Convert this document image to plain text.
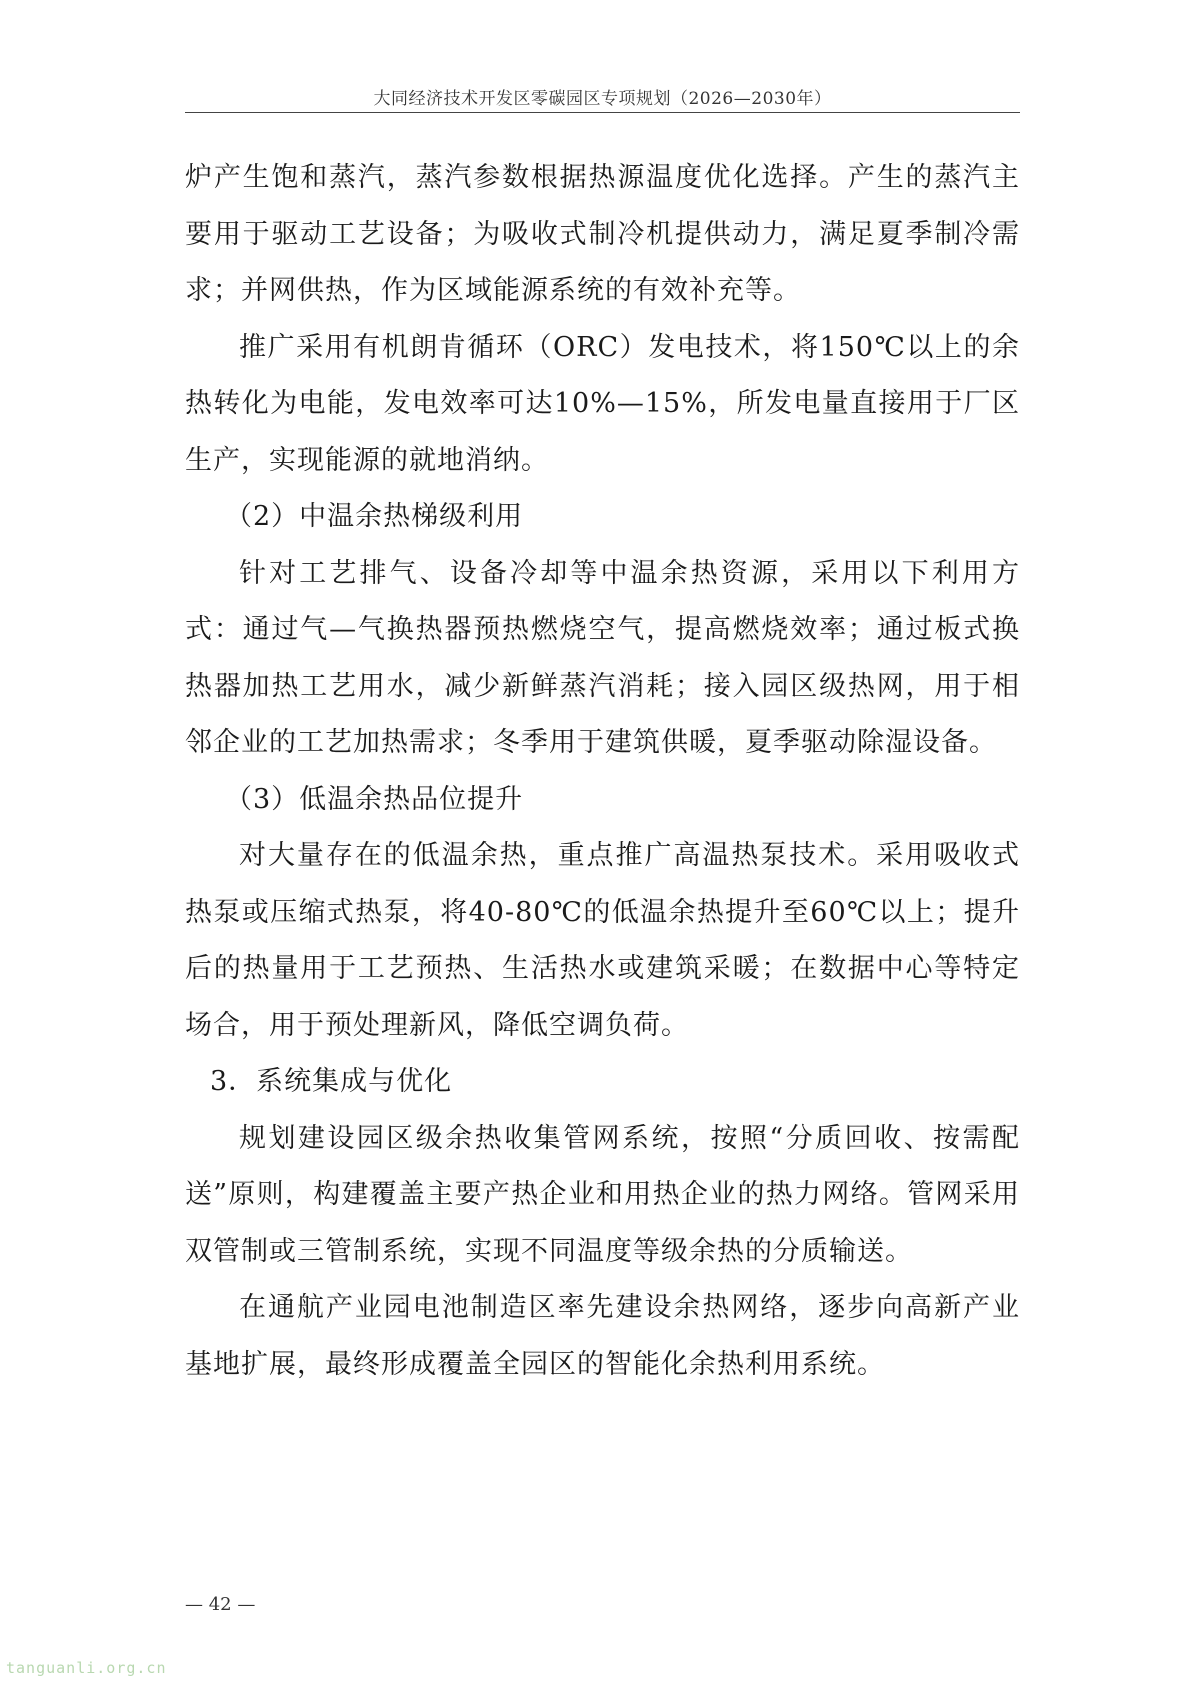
大同经济技术开发区零碳园区专项规划（2026—2030年）

炉产生饱和蒸汽，蒸汽参数根据热源温度优化选择。产生的蒸汽主要用于驱动工艺设备；为吸收式制冷机提供动力，满足夏季制冷需求；并网供热，作为区域能源系统的有效补充等。

推广采用有机朗肯循环（ORC）发电技术，将150℃以上的余热转化为电能，发电效率可达10%—15%，所发电量直接用于厂区生产，实现能源的就地消纳。

（2）中温余热梯级利用

针对工艺排气、设备冷却等中温余热资源，采用以下利用方式：通过气—气换热器预热燃烧空气，提高燃烧效率；通过板式换热器加热工艺用水，减少新鲜蒸汽消耗；接入园区级热网，用于相邻企业的工艺加热需求；冬季用于建筑供暖，夏季驱动除湿设备。

（3）低温余热品位提升

对大量存在的低温余热，重点推广高温热泵技术。采用吸收式热泵或压缩式热泵，将40-80℃的低温余热提升至60℃以上；提升后的热量用于工艺预热、生活热水或建筑采暖；在数据中心等特定场合，用于预处理新风，降低空调负荷。

3．系统集成与优化

规划建设园区级余热收集管网系统，按照“分质回收、按需配送”原则，构建覆盖主要产热企业和用热企业的热力网络。管网采用双管制或三管制系统，实现不同温度等级余热的分质输送。

在通航产业园电池制造区率先建设余热网络，逐步向高新产业基地扩展，最终形成覆盖全园区的智能化余热利用系统。

— 42 —
tanguanli.org.cn
